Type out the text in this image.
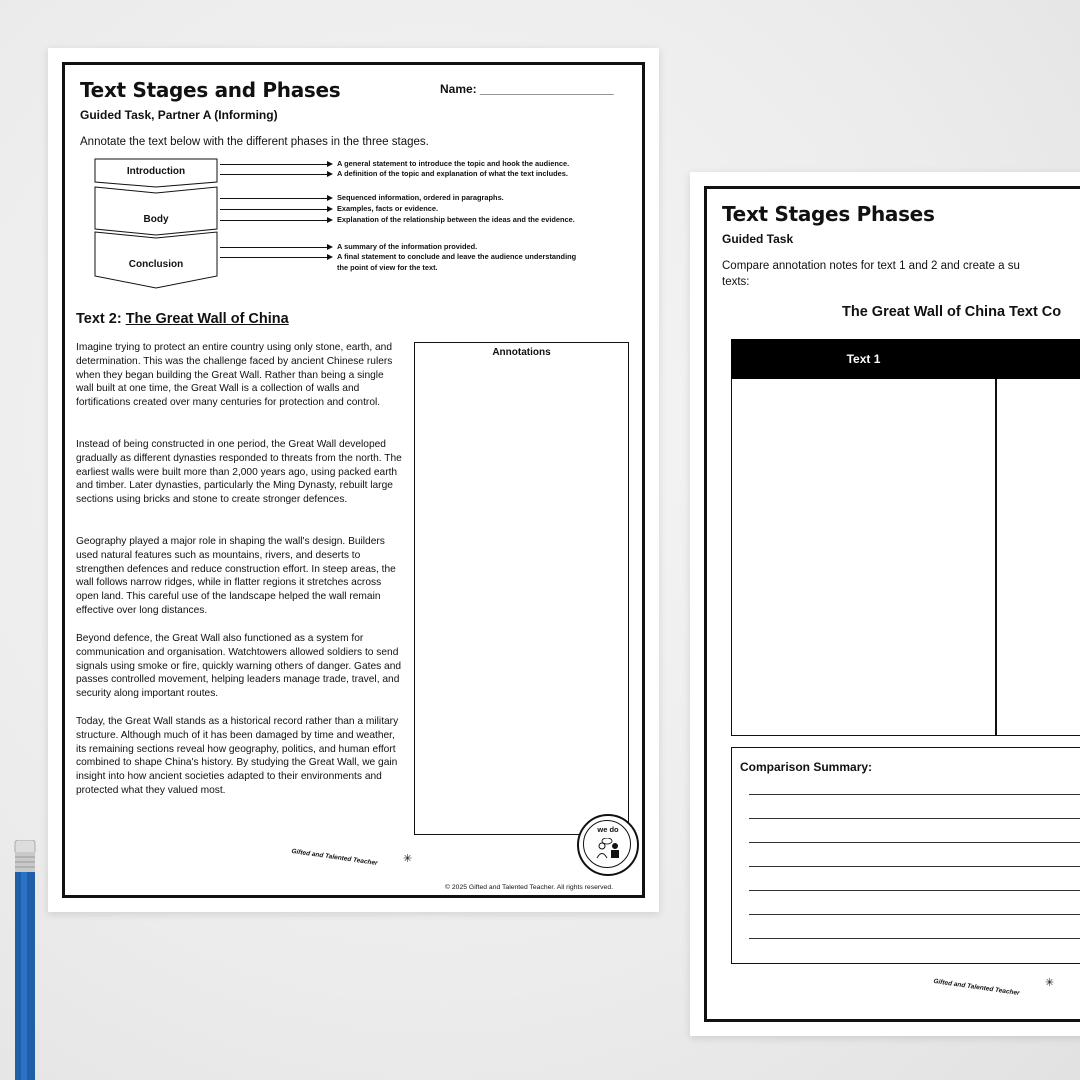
Text Stages and Phases	Name: ____________________
Guided Task, Partner A (Informing)
Annotate the text below with the different phases in the three stages.
Introduction
Body
Conclusion
A general statement to introduce the topic and hook the audience.
A definition of the topic and explanation of what the text includes.
Sequenced information, ordered in paragraphs.
Examples, facts or evidence.
Explanation of the relationship between the ideas and the evidence.
A summary of the information provided.
A final statement to conclude and leave the audience understanding
the point of view for the text.
Text 2: The Great Wall of China
Imagine trying to protect an entire country using only stone, earth, and determination. This was the challenge faced by ancient Chinese rulers when they began building the Great Wall. Rather than being a single wall built at one time, the Great Wall is a collection of walls and fortifications created over many centuries for protection and control.
Instead of being constructed in one period, the Great Wall developed gradually as different dynasties responded to threats from the north. The earliest walls were built more than 2,000 years ago, using packed earth and timber. Later dynasties, particularly the Ming Dynasty, rebuilt large sections using bricks and stone to create stronger defences.
Geography played a major role in shaping the wall's design. Builders used natural features such as mountains, rivers, and deserts to strengthen defences and reduce construction effort. In steep areas, the wall follows narrow ridges, while in flatter regions it stretches across open land. This careful use of the landscape helped the wall remain effective over long distances.
Beyond defence, the Great Wall also functioned as a system for communication and organisation. Watchtowers allowed soldiers to send signals using smoke or fire, quickly warning others of danger. Gates and passes controlled movement, helping leaders manage trade, travel, and security along important routes.
Today, the Great Wall stands as a historical record rather than a military structure. Although much of it has been damaged by time and weather, its remaining sections reveal how geography, politics, and human effort combined to shape China's history. By studying the Great Wall, we gain insight into how ancient societies adapted to their environments and protected what they valued most.
Annotations
we do
Gifted and Talented Teacher ✳
© 2025 Gifted and Talented Teacher. All rights reserved.
Text Stages Phases
Guided Task
Compare annotation notes for text 1 and 2 and create a su
texts:
The Great Wall of China Text Co
Text 1
Comparison Summary:
Gifted and Talented Teacher ✳
